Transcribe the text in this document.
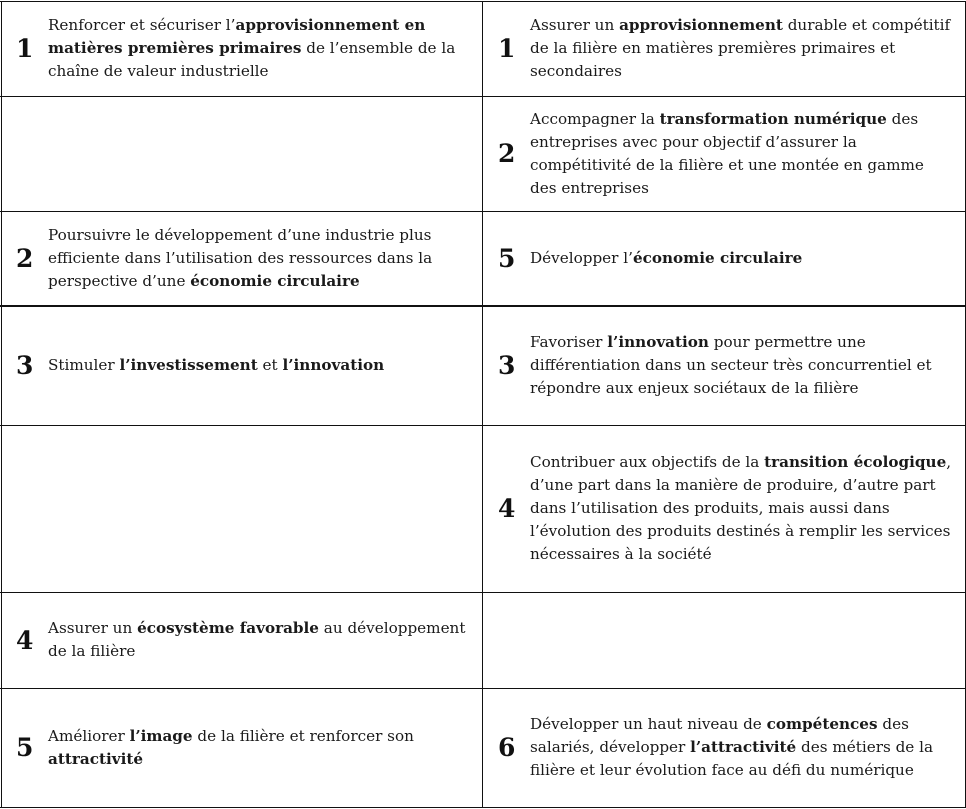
1
Renforcer et sécuriser l’approvisionnement en matières premières primaires de l’ensemble de la chaîne de valeur industrielle
1
Assurer un approvisionnement durable et compétitif de la filière en matières premières primaires et secondaires
2
Accompagner la transformation numérique des entreprises avec pour objectif d’assurer la compétitivité de la filière et une montée en gamme des entreprises
2
Poursuivre le développement d’une industrie plus efficiente dans l’utilisation des ressources dans la perspective d’une économie circulaire
5 Développer l’économie circulaire
3 Stimuler l’investissement et l’innovation	3
Favoriser l’innovation pour permettre une différentiation dans un secteur très concurrentiel et répondre aux enjeux sociétaux de la filière
4
Contribuer aux objectifs de la transition écologique, d’une part dans la manière de produire, d’autre part dans l’utilisation des produits, mais aussi dans l’évolution des produits destinés à remplir les services nécessaires à la société
4 Assurer un écosystème favorable au développement de la filière
5 Améliorer l’image de la filière et renforcer son attractivité	6
Développer un haut niveau de compétences des salariés, développer l’attractivité des métiers de la filière et leur évolution face au défi du numérique
